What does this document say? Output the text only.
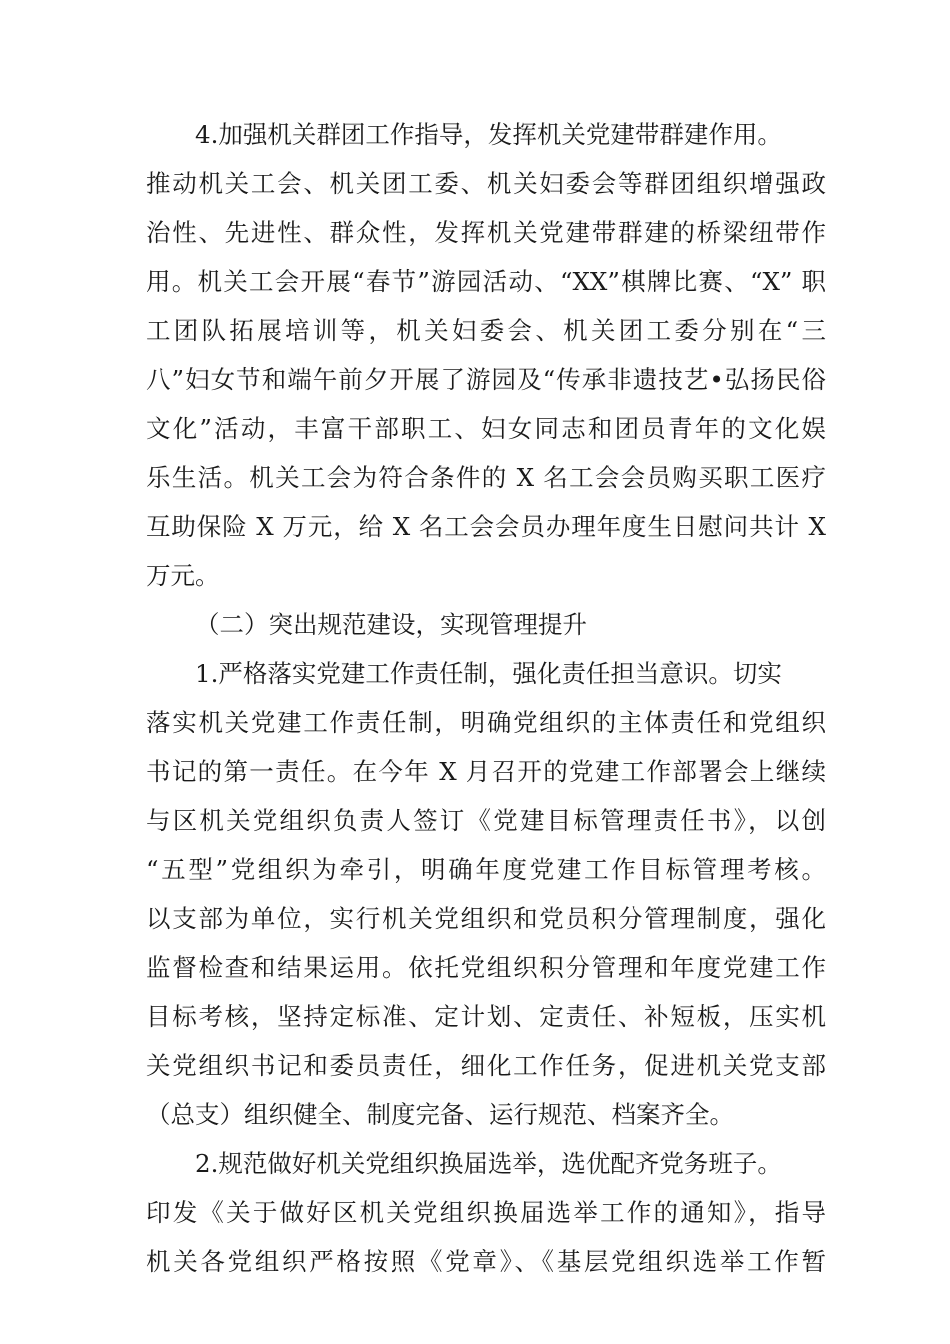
4.加强机关群团工作指导，发挥机关党建带群建作用。
推动机关工会、机关团工委、机关妇委会等群团组织增强政
治性、先进性、群众性，发挥机关党建带群建的桥梁纽带作
用。机关工会开展“春节”游园活动、“XX”棋牌比赛、“X” 职
工团队拓展培训等，机关妇委会、机关团工委分别在“三
八”妇女节和端午前夕开展了游园及“传承非遗技艺•弘扬民俗
文化”活动，丰富干部职工、妇女同志和团员青年的文化娱
乐生活。机关工会为符合条件的 X 名工会会员购买职工医疗
互助保险 X 万元，给 X 名工会会员办理年度生日慰问共计 X
万元。
（二）突出规范建设，实现管理提升
1.严格落实党建工作责任制，强化责任担当意识。切实
落实机关党建工作责任制，明确党组织的主体责任和党组织
书记的第一责任。在今年 X 月召开的党建工作部署会上继续
与区机关党组织负责人签订《党建目标管理责任书》，以创
“五型”党组织为牵引，明确年度党建工作目标管理考核。
以支部为单位，实行机关党组织和党员积分管理制度，强化
监督检查和结果运用。依托党组织积分管理和年度党建工作
目标考核，坚持定标准、定计划、定责任、补短板，压实机
关党组织书记和委员责任，细化工作任务，促进机关党支部
（总支）组织健全、制度完备、运行规范、档案齐全。
2.规范做好机关党组织换届选举，选优配齐党务班子。
印发《关于做好区机关党组织换届选举工作的通知》，指导
机关各党组织严格按照《党章》、《基层党组织选举工作暂
